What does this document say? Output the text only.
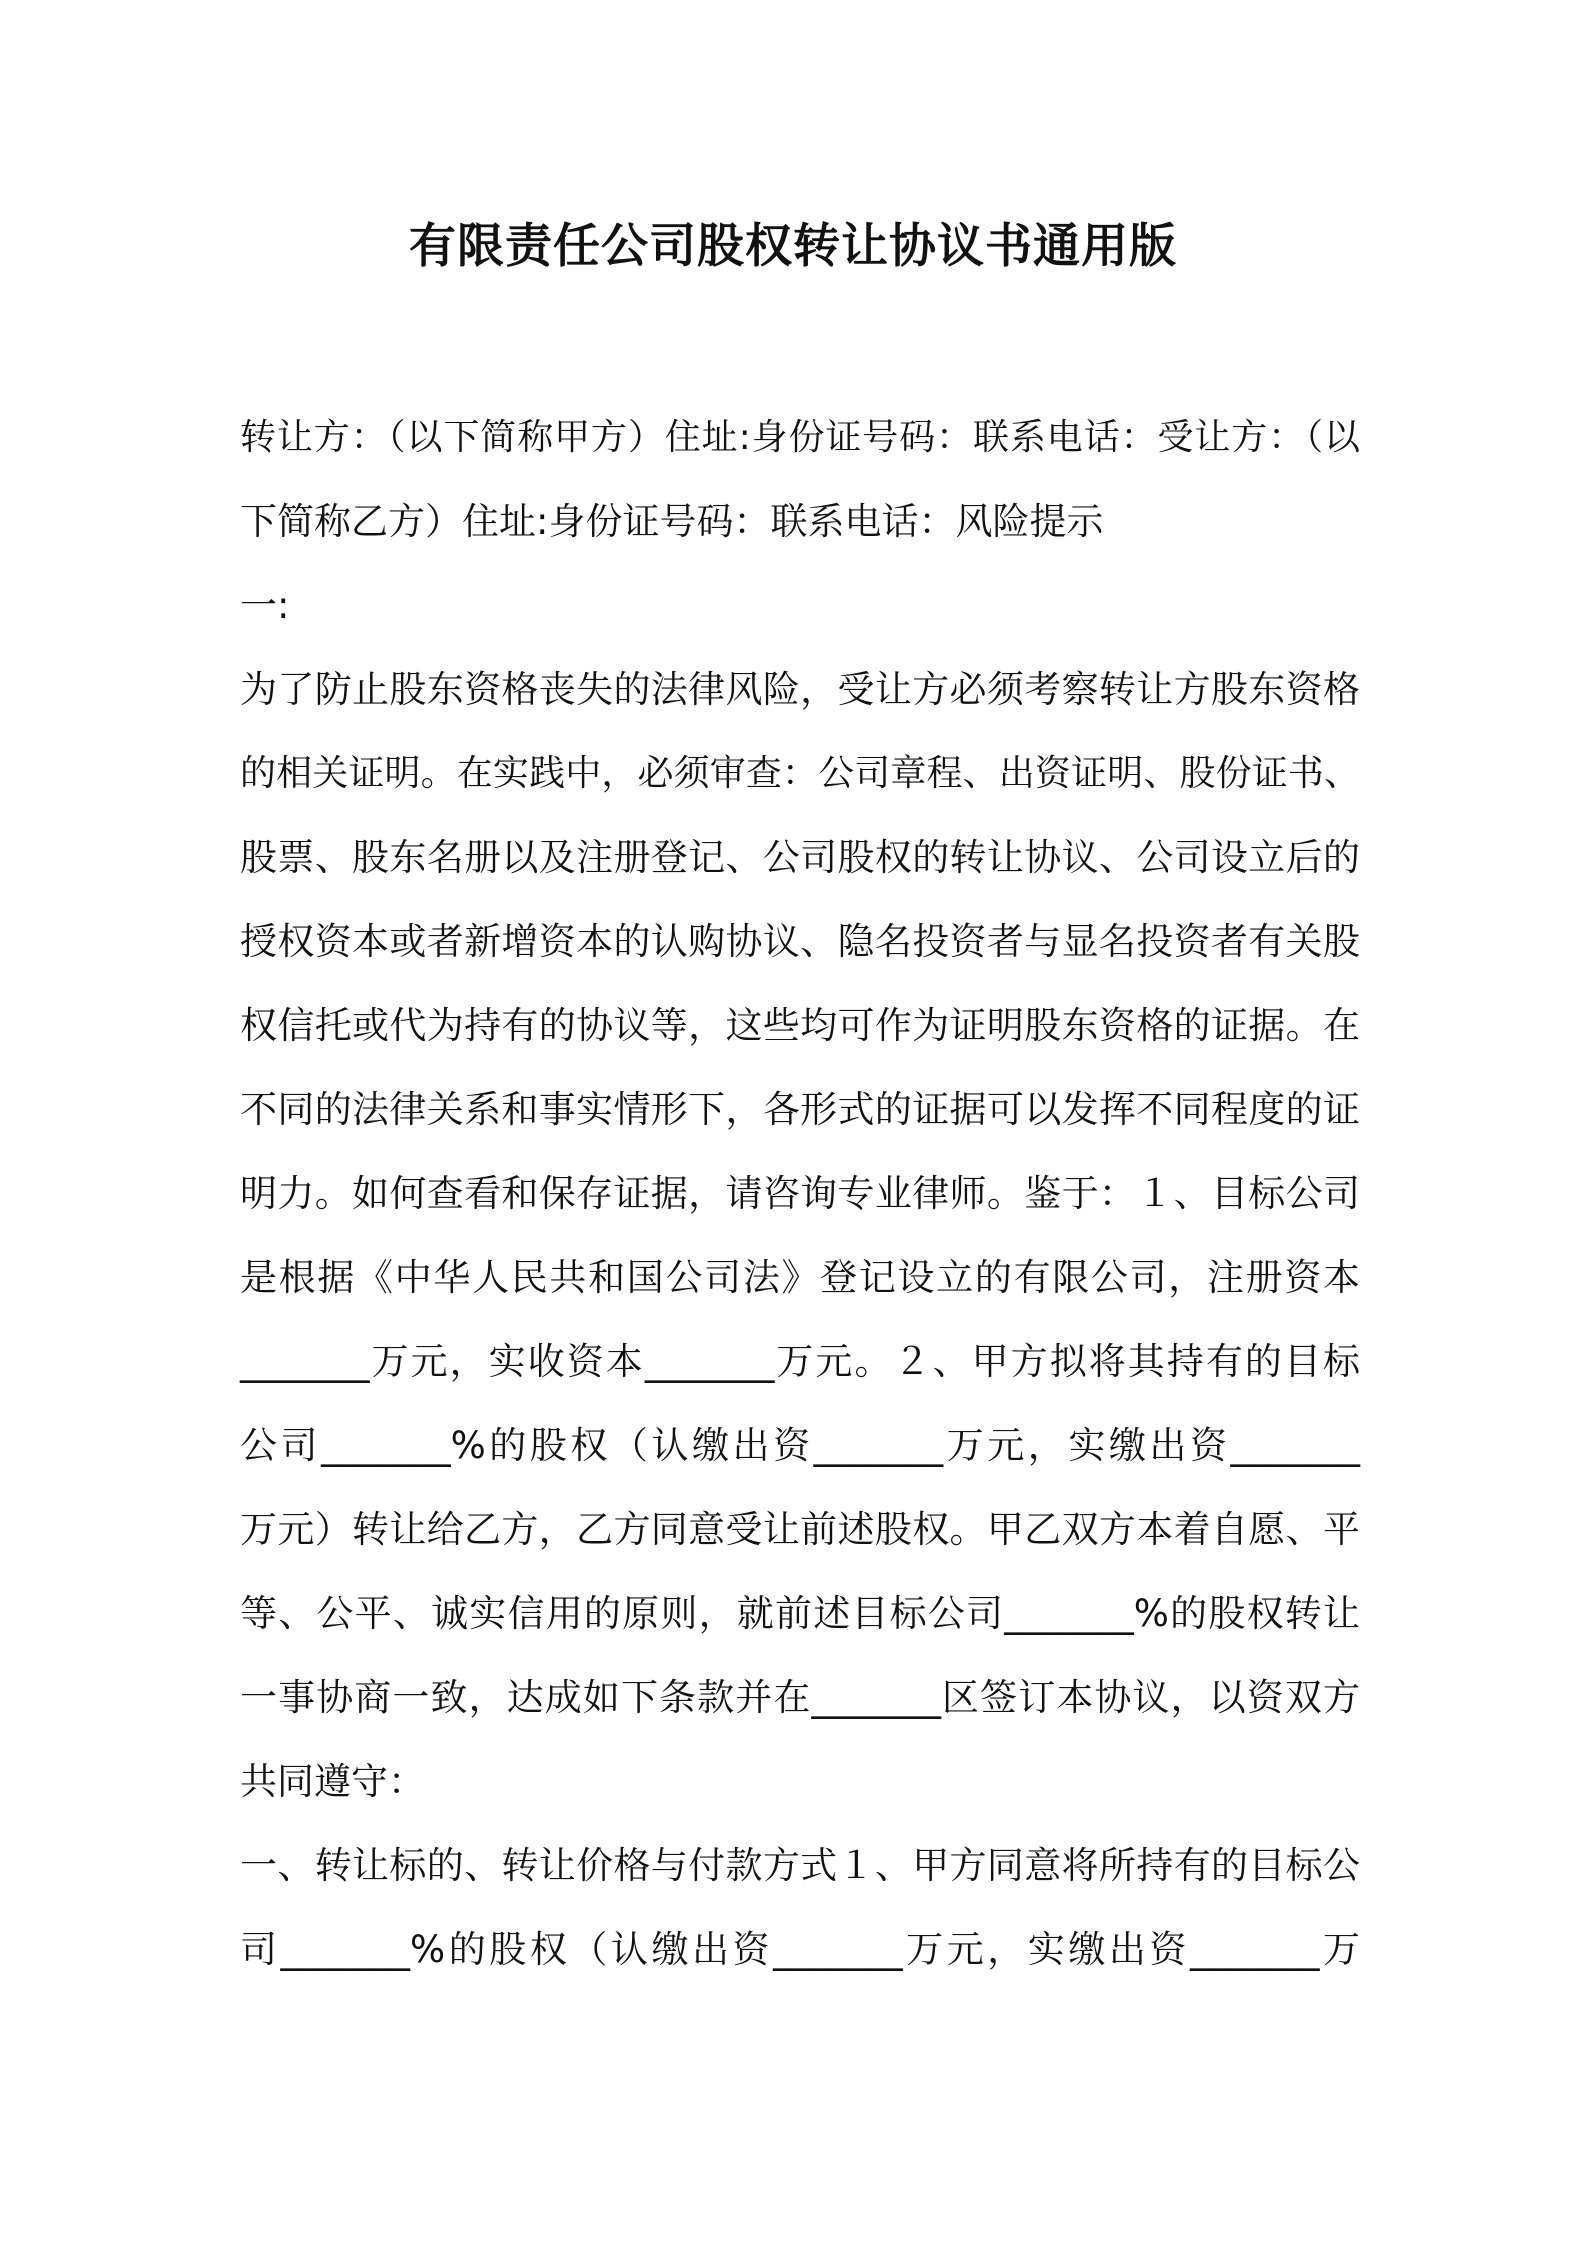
有限责任公司股权转让协议书通用版
转让方：（以下简称甲方）住址:身份证号码：联系电话：受让方：（以
下简称乙方）住址:身份证号码：联系电话：风险提示
一:
为了防止股东资格丧失的法律风险，受让方必须考察转让方股东资格
的相关证明。在实践中，必须审查：公司章程、出资证明、股份证书、
股票、股东名册以及注册登记、公司股权的转让协议、公司设立后的
授权资本或者新增资本的认购协议、隐名投资者与显名投资者有关股
权信托或代为持有的协议等，这些均可作为证明股东资格的证据。在
不同的法律关系和事实情形下，各形式的证据可以发挥不同程度的证
明力。如何查看和保存证据，请咨询专业律师。鉴于：１、目标公司
是根据《中华人民共和国公司法》登记设立的有限公司，注册资本
_______万元，实收资本_______万元。２、甲方拟将其持有的目标
公司_______%的股权（认缴出资_______万元，实缴出资_______
万元）转让给乙方，乙方同意受让前述股权。甲乙双方本着自愿、平
等、公平、诚实信用的原则，就前述目标公司_______%的股权转让
一事协商一致，达成如下条款并在_______区签订本协议，以资双方
共同遵守：
一、转让标的、转让价格与付款方式１、甲方同意将所持有的目标公
司_______%的股权（认缴出资_______万元，实缴出资_______万
